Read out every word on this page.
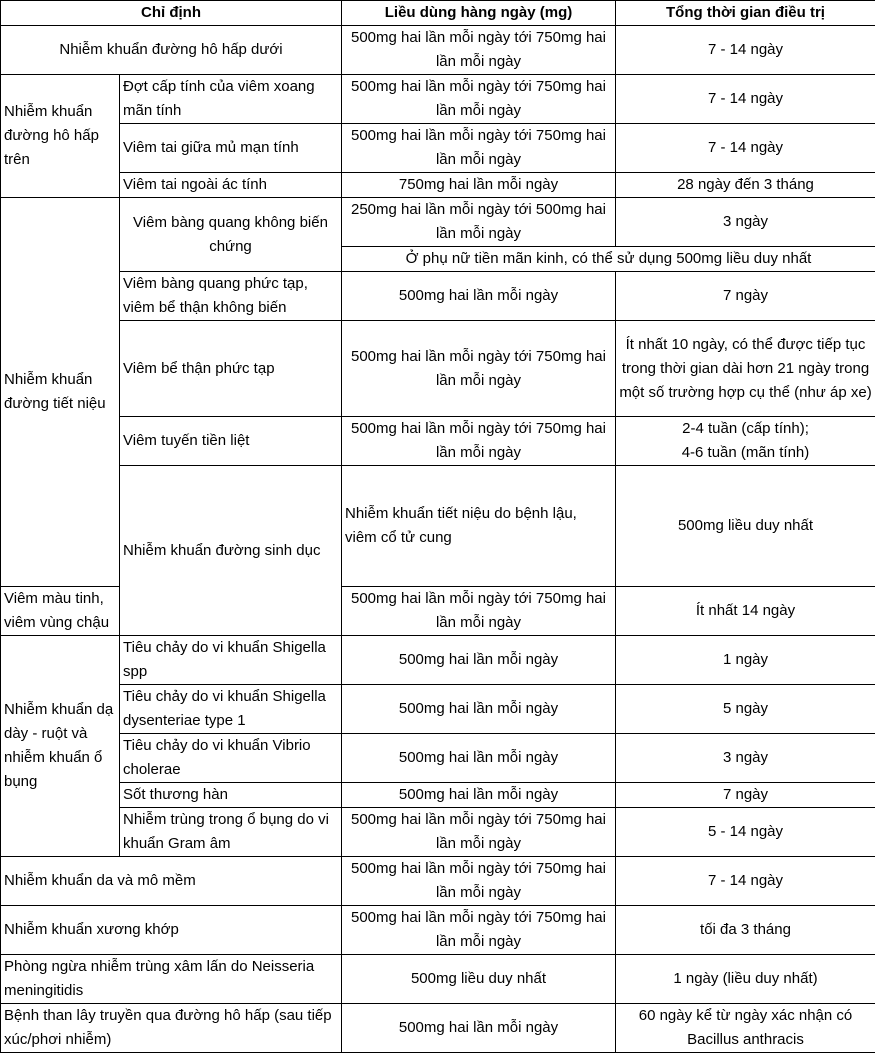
Chỉ định		Liều dùng hàng ngày (mg)	Tổng thời gian điều trị	
Nhiễm khuẩn đường hô hấp dưới		500mg hai lần mỗi ngày tới 750mg hai lần mỗi ngày	7 - 14 ngày	
Nhiễm khuẩn đường hô hấp trên	Đợt cấp tính của viêm xoang mãn tính	500mg hai lần mỗi ngày tới 750mg hai lần mỗi ngày	7 - 14 ngày	
	Viêm tai giữa mủ mạn tính	500mg hai lần mỗi ngày tới 750mg hai lần mỗi ngày	7 - 14 ngày	
	Viêm tai ngoài ác tính	750mg hai lần mỗi ngày	28 ngày đến 3 tháng	
Nhiễm khuẩn đường tiết niệu	Viêm bàng quang không biến chứng	250mg hai lần mỗi ngày tới 500mg hai lần mỗi ngày	3 ngày	
		Ở phụ nữ tiền mãn kinh, có thể sử dụng 500mg liều duy nhất		
	Viêm bàng quang phức tạp, viêm bể thận không biến	500mg hai lần mỗi ngày	7 ngày	
	Viêm bể thận phức tạp	500mg hai lần mỗi ngày tới 750mg hai lần mỗi ngày	Ít nhất 10 ngày, có thể được tiếp tục trong thời gian dài hơn 21 ngày trong một số trường hợp cụ thể (như áp xe)	
	Viêm tuyến tiền liệt	500mg hai lần mỗi ngày tới 750mg hai lần mỗi ngày	2-4 tuần (cấp tính);
4-6 tuần (mãn tính)	
	Nhiễm khuẩn đường sinh dục	Nhiễm khuẩn tiết niệu do bệnh lậu, viêm cổ tử cung	500mg liều duy nhất	
Viêm màu tinh, viêm vùng chậu		500mg hai lần mỗi ngày tới 750mg hai lần mỗi ngày	Ít nhất 14 ngày	
Nhiễm khuẩn dạ dày - ruột và nhiễm khuẩn ổ bụng	Tiêu chảy do vi khuẩn Shigella spp	500mg hai lần mỗi ngày	1 ngày	
	Tiêu chảy do vi khuẩn Shigella dysenteriae type 1	500mg hai lần mỗi ngày	5 ngày	
	Tiêu chảy do vi khuẩn Vibrio cholerae	500mg hai lần mỗi ngày	3 ngày	
	Sốt thương hàn	500mg hai lần mỗi ngày	7 ngày	
	Nhiễm trùng trong ổ bụng do vi khuẩn Gram âm	500mg hai lần mỗi ngày tới 750mg hai lần mỗi ngày	5 - 14 ngày	
Nhiễm khuẩn da và mô mềm		500mg hai lần mỗi ngày tới 750mg hai lần mỗi ngày	7 - 14 ngày	
Nhiễm khuẩn xương khớp		500mg hai lần mỗi ngày tới 750mg hai lần mỗi ngày	tối đa 3 tháng	
Phòng ngừa nhiễm trùng xâm lấn do Neisseria meningitidis		500mg liều duy nhất	1 ngày (liều duy nhất)	
Bệnh than lây truyền qua đường hô hấp (sau tiếp xúc/phơi nhiễm)		500mg hai lần mỗi ngày	60 ngày kể từ ngày xác nhận có Bacillus anthracis	
